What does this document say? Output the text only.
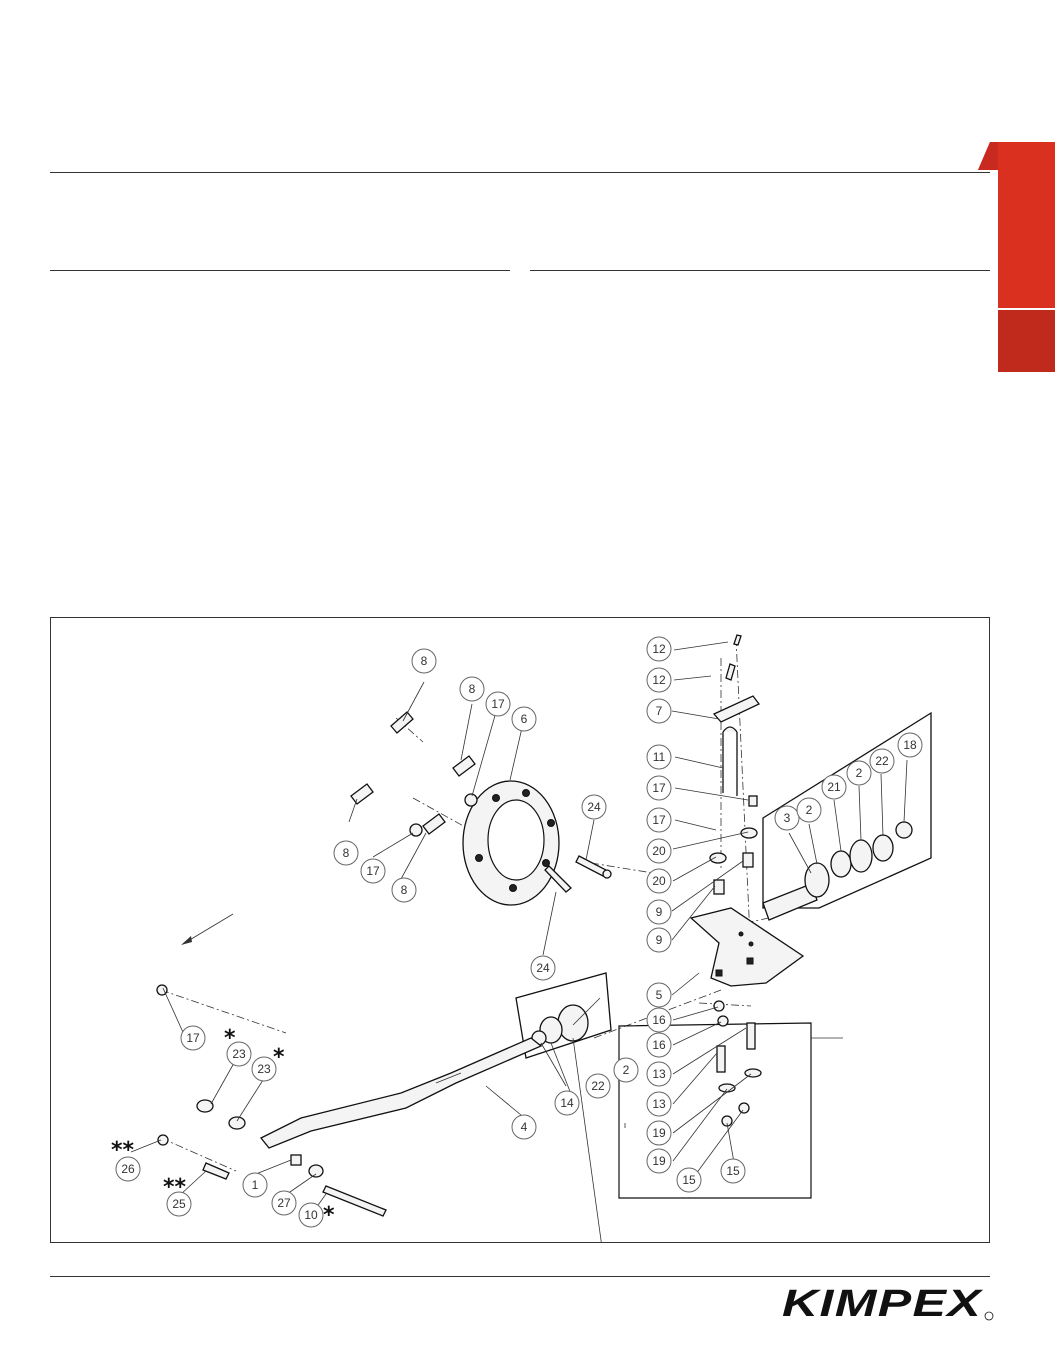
8
8
17
6
8
17
8
24
24
12
12
7
11
17
17
20
20
9
9
5
16
16
13
13
19
19
15
15
3
2
21
2
22
18
2
22
14
4
17
23
23
26
25
1
27
10
*
*
*
**
**
KIMPEX
